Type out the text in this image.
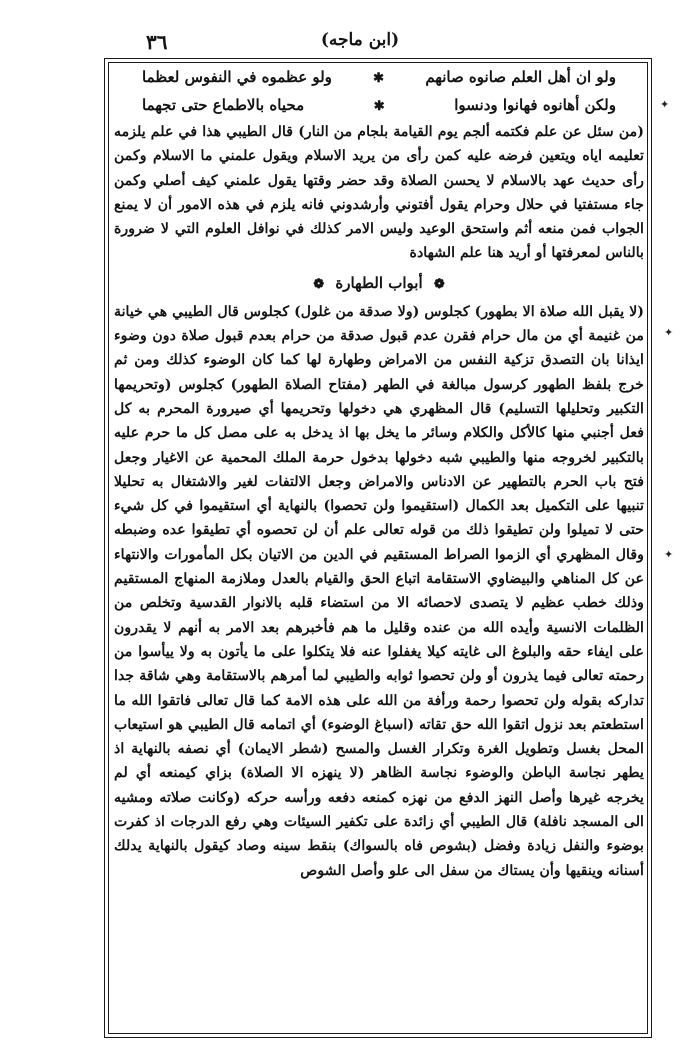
٣٦	(ابن ماجه)
✦
✦
✦
ولو ان أهل العلم صانوه صانهم
✱
ولو عظموه في النفوس لعظما
ولكن أهانوه فهانوا ودنسوا
✱
محياه بالاطماع حتى تجهما

(من سئل عن علم فكتمه ألجم يوم القيامة بلجام من النار) قال الطيبي هذا في علم يلزمه تعليمه اياه ويتعين فرضه عليه كمن رأى من يريد الاسلام ويقول علمني ما الاسلام وكمن رأى حديث عهد بالاسلام لا يحسن الصلاة وقد حضر وقتها يقول علمني كيف أصلي وكمن جاء مستفتيا في حلال وحرام يقول أفتوني وأرشدوني فانه يلزم في هذه الامور أن لا يمنع الجواب فمن منعه أثم واستحق الوعيد وليس الامر كذلك في نوافل العلوم التي لا ضرورة بالناس لمعرفتها أو أريد هنا علم الشهادة

❁ أبواب الطهارة ❁

(لا يقبل الله صلاة الا بطهور) كجلوس (ولا صدقة من غلول) كجلوس قال الطيبي هي خيانة من غنيمة أي من مال حرام فقرن عدم قبول صدقة من حرام بعدم قبول صلاة دون وضوء ايذانا بان التصدق تزكية النفس من الامراض وطهارة لها كما كان الوضوء كذلك ومن ثم خرج بلفظ الطهور كرسول مبالغة في الطهر (مفتاح الصلاة الطهور) كجلوس (وتحريمها التكبير وتحليلها التسليم) قال المظهري هي دخولها وتحريمها أي صيرورة المحرم به كل فعل أجنبي منها كالأكل والكلام وسائر ما يخل بها اذ يدخل به على مصل كل ما حرم عليه بالتكبير لخروجه منها والطيبي شبه دخولها بدخول حرمة الملك المحمية عن الاغيار وجعل فتح باب الحرم بالتطهير عن الادناس والامراض وجعل الالتفات لغير والاشتغال به تحليلا تنبيها على التكميل بعد الكمال (استقيموا ولن تحصوا) بالنهاية أي استقيموا في كل شيء حتى لا تميلوا ولن تطيقوا ذلك من قوله تعالى علم أن لن تحصوه أي تطيقوا عده وضبطه وقال المظهري أي الزموا الصراط المستقيم في الدين من الاتيان بكل المأمورات والانتهاء عن كل المناهي والبيضاوي الاستقامة اتباع الحق والقيام بالعدل وملازمة المنهاج المستقيم وذلك خطب عظيم لا يتصدى لاحصائه الا من استضاء قلبه بالانوار القدسية وتخلص من الظلمات الانسية وأيده الله من عنده وقليل ما هم فأخبرهم بعد الامر به أنهم لا يقدرون على ايفاء حقه والبلوغ الى غايته كيلا يغفلوا عنه فلا يتكلوا على ما يأتون به ولا ييأسوا من رحمته تعالى فيما يذرون أو ولن تحصوا ثوابه والطيبي لما أمرهم بالاستقامة وهي شاقة جدا تداركه بقوله ولن تحصوا رحمة ورأفة من الله على هذه الامة كما قال تعالى فاتقوا الله ما استطعتم بعد نزول اتقوا الله حق تقاته (اسباغ الوضوء) أي اتمامه قال الطيبي هو استيعاب المحل بغسل وتطويل الغرة وتكرار الغسل والمسح (شطر الايمان) أي نصفه بالنهاية اذ يطهر نجاسة الباطن والوضوء نجاسة الظاهر (لا ينهزه الا الصلاة) بزاي كيمنعه أي لم يخرجه غيرها وأصل النهز الدفع من نهزه كمنعه دفعه ورأسه حركه (وكانت صلاته ومشيه الى المسجد نافلة) قال الطيبي أي زائدة على تكفير السيئات وهي رفع الدرجات اذ كفرت بوضوء والنفل زيادة وفضل (بشوص فاه بالسواك) بنقط سينه وصاد كيقول بالنهاية يدلك أسنانه وينقيها وأن يستاك من سفل الى علو وأصل الشوص
